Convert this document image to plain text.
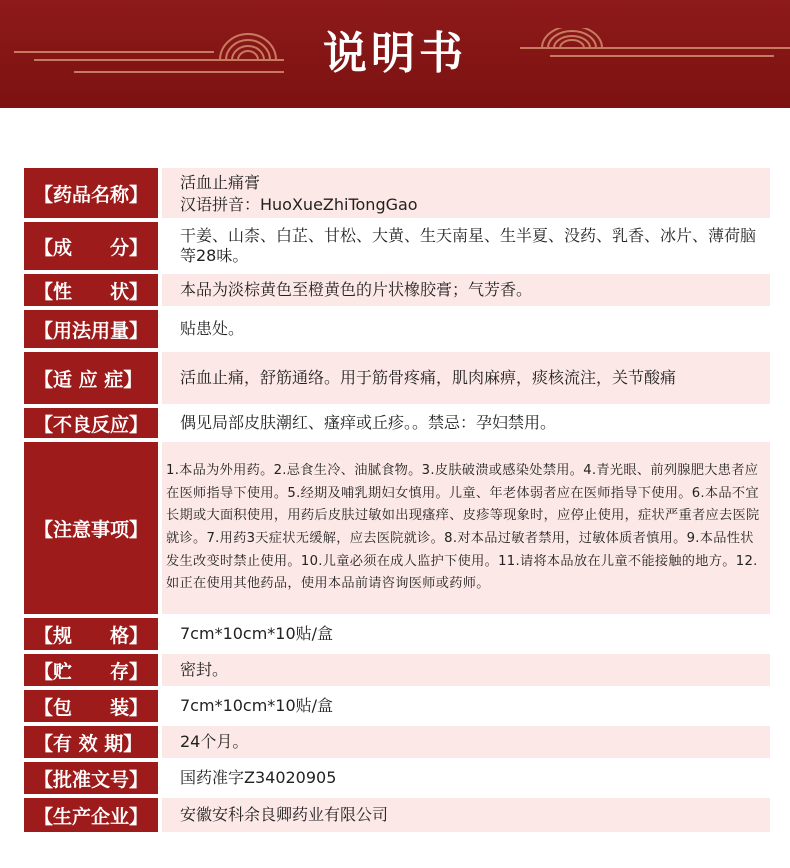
说明书
【药品名称】
活血止痛膏
汉语拼音：HuoXueZhiTongGao
【成　　分】
干姜、山柰、白芷、甘松、大黄、生天南星、生半夏、没药、乳香、冰片、薄荷脑等28味。
【性　　状】 本品为淡棕黄色至橙黄色的片状橡胶膏；气芳香。
【用法用量】 贴患处。
【适 应 症】 活血止痛，舒筋通络。用于筋骨疼痛，肌肉麻痹，痰核流注，关节酸痛
【不良反应】 偶见局部皮肤潮红、瘙痒或丘疹。。禁忌：孕妇禁用。
【注意事项】
1.本品为外用药。2.忌食生冷、油腻食物。3.皮肤破溃或感染处禁用。4.青光眼、前列腺肥大患者应在医师指导下使用。5.经期及哺乳期妇女慎用。儿童、年老体弱者应在医师指导下使用。6.本品不宜长期或大面积使用，用药后皮肤过敏如出现瘙痒、皮疹等现象时，应停止使用，症状严重者应去医院就诊。7.用药3天症状无缓解，应去医院就诊。8.对本品过敏者禁用，过敏体质者慎用。9.本品性状发生改变时禁止使用。10.儿童必须在成人监护下使用。11.请将本品放在儿童不能接触的地方。12.如正在使用其他药品，使用本品前请咨询医师或药师。
【规　　格】 7cm*10cm*10贴/盒
【贮　　存】 密封。
【包　　装】 7cm*10cm*10贴/盒
【有 效 期】 24个月。
【批准文号】 国药准字Z34020905
【生产企业】 安徽安科余良卿药业有限公司
